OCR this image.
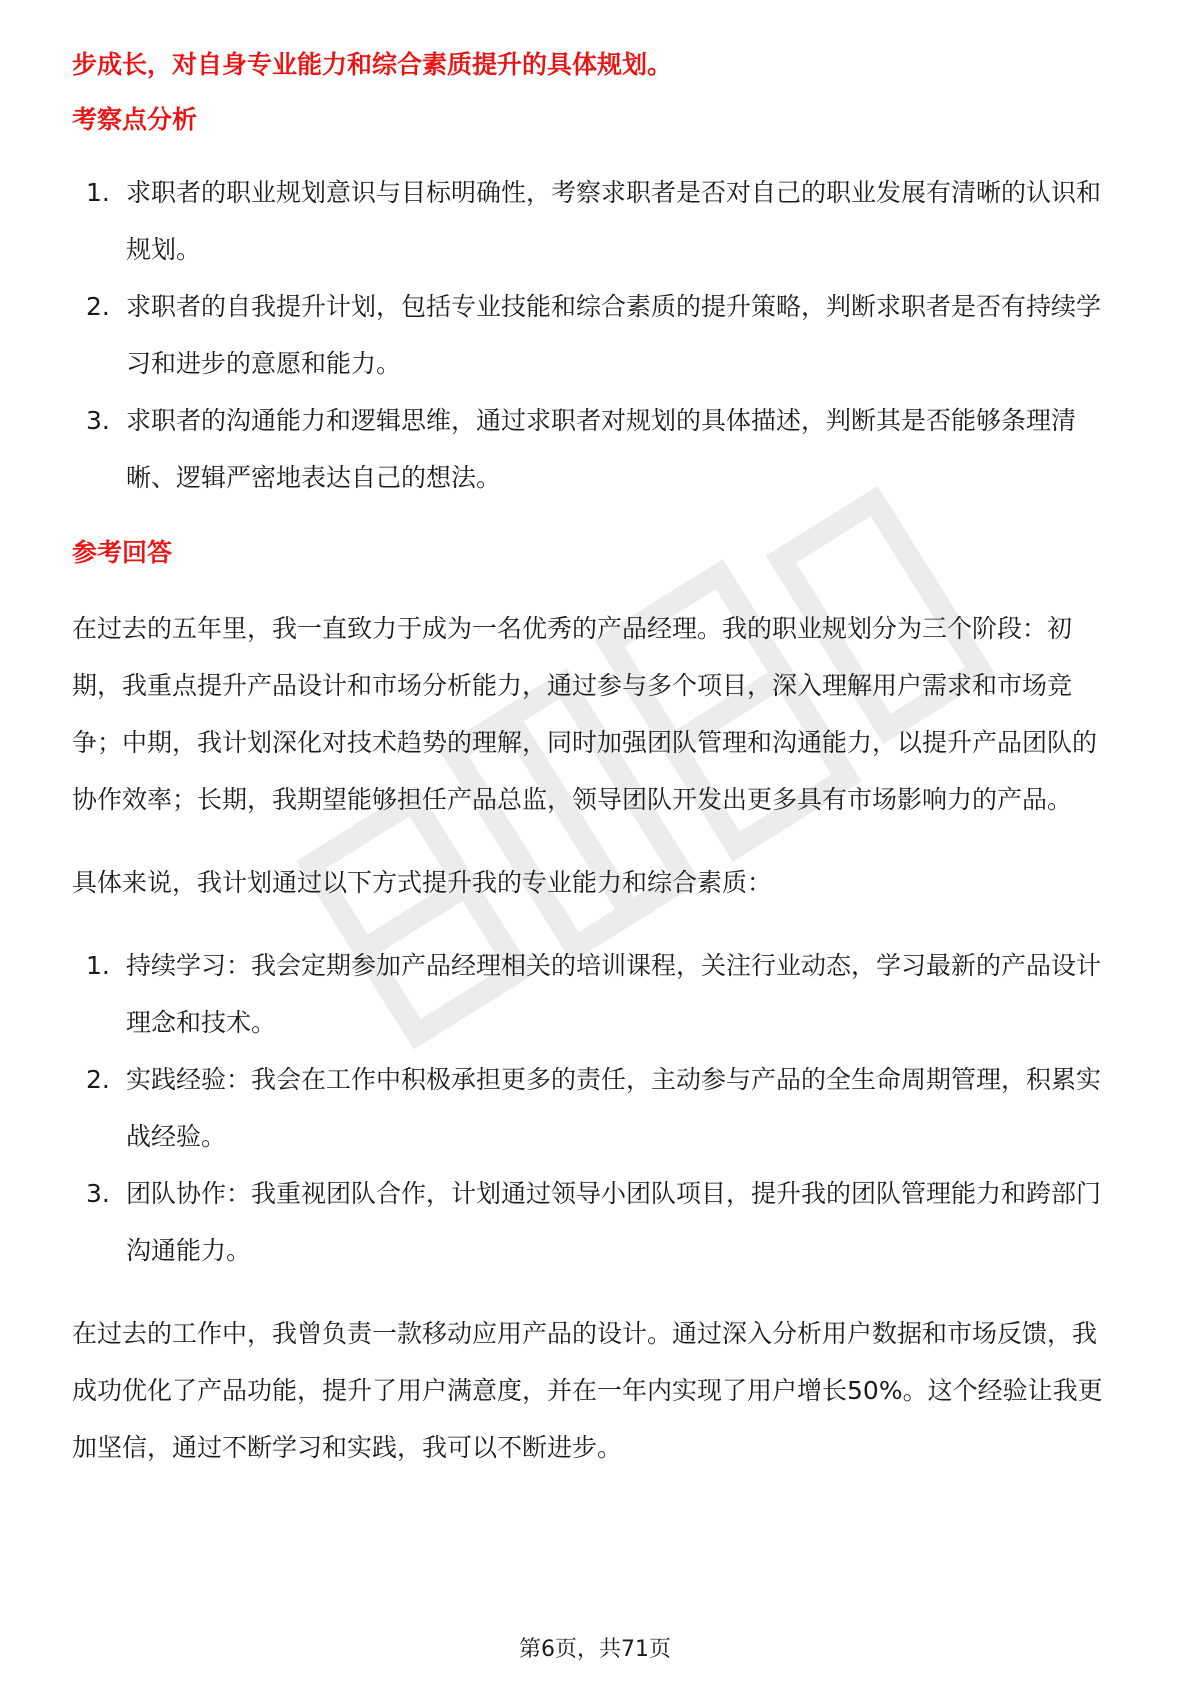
步成长，对自身专业能力和综合素质提升的具体规划。

考察点分析
1. 求职者的职业规划意识与目标明确性，考察求职者是否对自己的职业发展有清晰的认识和规划。
2. 求职者的自我提升计划，包括专业技能和综合素质的提升策略，判断求职者是否有持续学习和进步的意愿和能力。
3. 求职者的沟通能力和逻辑思维，通过求职者对规划的具体描述，判断其是否能够条理清晰、逻辑严密地表达自己的想法。
参考回答

在过去的五年里，我一直致力于成为一名优秀的产品经理。我的职业规划分为三个阶段：初期，我重点提升产品设计和市场分析能力，通过参与多个项目，深入理解用户需求和市场竞争；中期，我计划深化对技术趋势的理解，同时加强团队管理和沟通能力，以提升产品团队的协作效率；长期，我期望能够担任产品总监，领导团队开发出更多具有市场影响力的产品。

具体来说，我计划通过以下方式提升我的专业能力和综合素质：

1. 持续学习：我会定期参加产品经理相关的培训课程，关注行业动态，学习最新的产品设计理念和技术。
2. 实践经验：我会在工作中积极承担更多的责任，主动参与产品的全生命周期管理，积累实战经验。
3. 团队协作：我重视团队合作，计划通过领导小团队项目，提升我的团队管理能力和跨部门沟通能力。

在过去的工作中，我曾负责一款移动应用产品的设计。通过深入分析用户数据和市场反馈，我成功优化了产品功能，提升了用户满意度，并在一年内实现了用户增长50%。这个经验让我更加坚信，通过不断学习和实践，我可以不断进步。

第6页，共71页
